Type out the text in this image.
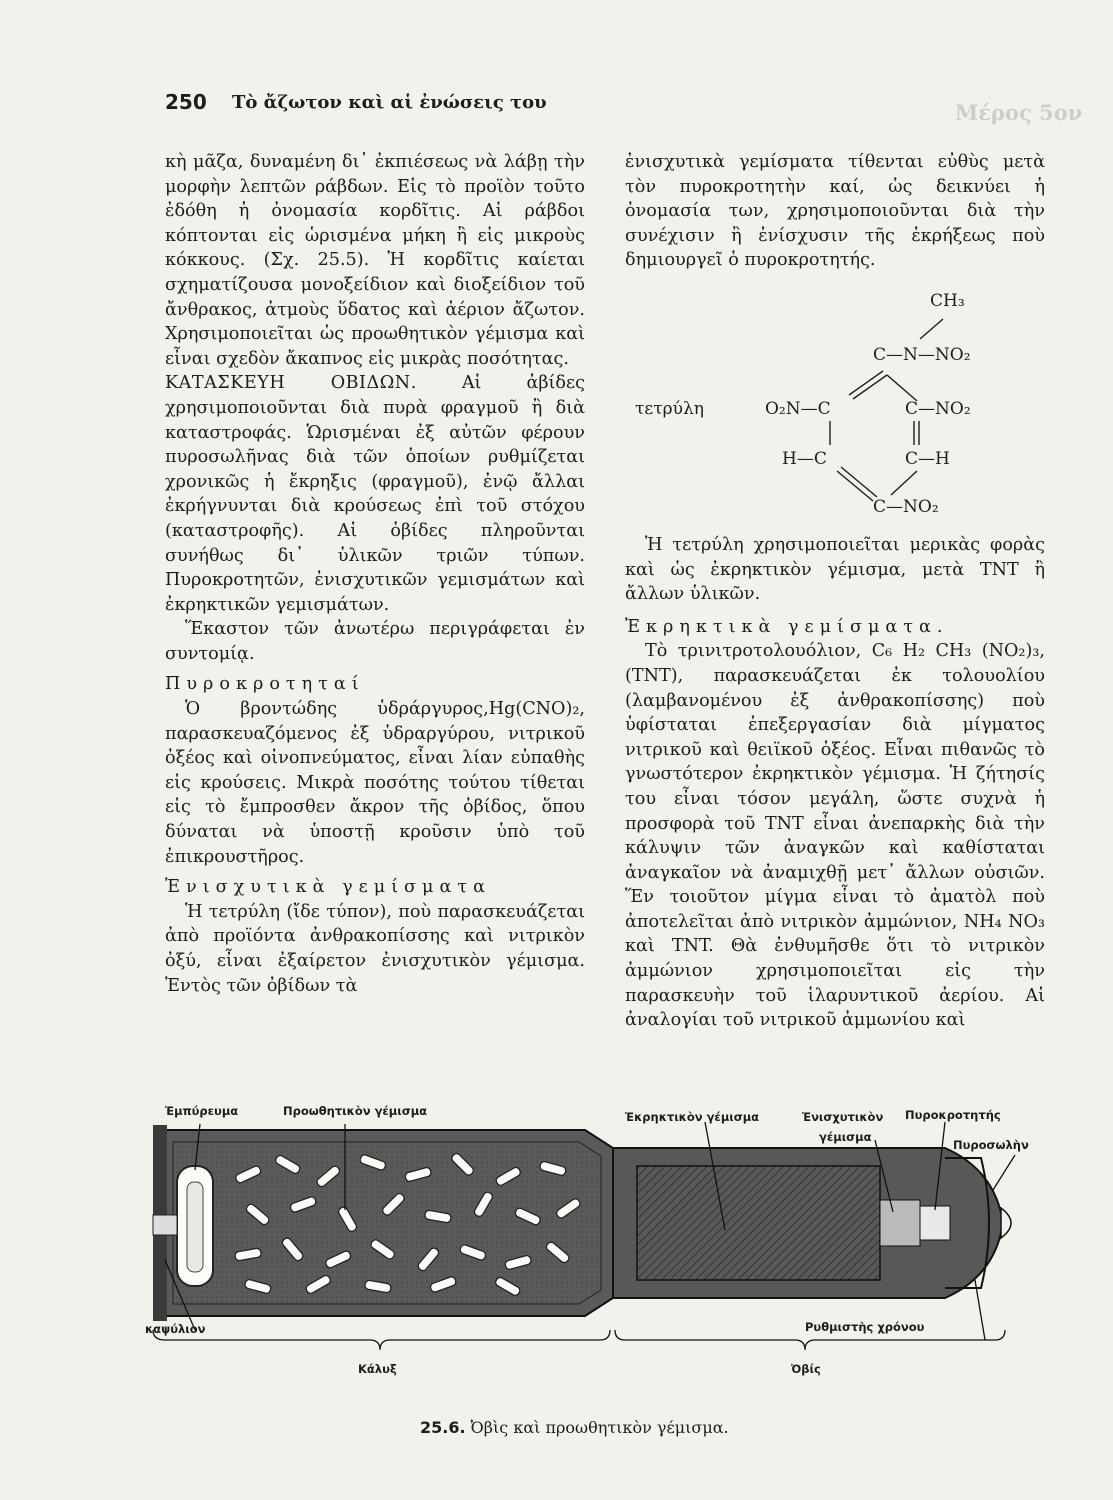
Μέρος 5ον
250 Τὸ ἄζωτον καὶ αἱ ἐνώσεις του

κὴ μᾶζα, δυναμένη δι᾽ ἐκπιέσεως νὰ λάβῃ τὴν μορφὴν λεπτῶν ράβδων. Εἰς τὸ προϊὸν τοῦτο ἐδόθη ἡ ὀνομασία κορδῖτις. Αἱ ράβδοι κόπτονται εἰς ὡρισμένα μήκη ἢ εἰς μικροὺς κόκκους. (Σχ. 25.5). Ἡ κορδῖτις καίεται σχηματίζουσα μονοξείδιον καὶ διοξείδιον τοῦ ἄνθρακος, ἀτμοὺς ὕδατος καὶ ἀέριον ἄζωτον. Χρησιμοποιεῖται ὡς προωθητικὸν γέμισμα καὶ εἶναι σχεδὸν ἄκαπνος εἰς μικρὰς ποσότητας.

ΚΑΤΑΣΚΕΥΗ ΟΒΙΔΩΝ. Αἱ ἀβίδες χρησιμοποιοῦνται διὰ πυρὰ φραγμοῦ ἢ διὰ καταστροφάς. Ὡρισμέναι ἐξ αὐτῶν φέρουν πυροσωλῆνας διὰ τῶν ὁποίων ρυθμίζεται χρονικῶς ἡ ἔκρηξις (φραγμοῦ), ἐνῷ ἄλλαι ἐκρήγνυνται διὰ κρούσεως ἐπὶ τοῦ στόχου (καταστροφῆς). Αἱ ὀβίδες πληροῦνται συνήθως δι᾽ ὑλικῶν τριῶν τύπων. Πυροκροτητῶν, ἐνισχυτικῶν γεμισμάτων καὶ ἐκρηκτικῶν γεμισμάτων.

Ἕκαστον τῶν ἀνωτέρω περιγράφεται ἐν συντομίᾳ.

Πυροκροτηταί

Ὁ βροντώδης ὑδράργυρος,Hg(CNO)₂, παρασκευαζόμενος ἐξ ὑδραργύρου, νιτρικοῦ ὀξέος καὶ οἰνοπνεύματος, εἶναι λίαν εὐπαθὴς εἰς κρούσεις. Μικρὰ ποσότης τούτου τίθεται εἰς τὸ ἔμπροσθεν ἄκρον τῆς ὀβίδος, ὅπου δύναται νὰ ὑποστῇ κροῦσιν ὑπὸ τοῦ ἐπικρουστῆρος.

Ἐνισχυτικὰ γεμίσματα

Ἡ τετρύλη (ἴδε τύπον), ποὺ παρασκευάζεται ἀπὸ προϊόντα ἀνθρακοπίσσης καὶ νιτρικὸν ὀξύ, εἶναι ἐξαίρετον ἐνισχυτικὸν γέμισμα. Ἐντὸς τῶν ὀβίδων τὰ

ἐνισχυτικὰ γεμίσματα τίθενται εὐθὺς μετὰ τὸν πυροκροτητὴν καί, ὡς δεικνύει ἡ ὀνομασία των, χρησιμοποιοῦνται διὰ τὴν συνέχισιν ἢ ἐνίσχυσιν τῆς ἐκρήξεως ποὺ δημιουργεῖ ὁ πυροκροτητής.

CH₃
C—N—NO₂
τετρύλη	O₂N—C	C—NO₂
H—C	C—H
C—NO₂

Ἡ τετρύλη χρησιμοποιεῖται μερικὰς φορὰς καὶ ὡς ἐκρηκτικὸν γέμισμα, μετὰ TNT ἢ ἄλλων ὑλικῶν.

Ἐκρηκτικὰ γεμίσματα.

Τὸ τρινιτροτολουόλιον, C₆ H₂ CH₃ (NO₂)₃, (TNT), παρασκευάζεται ἐκ τολουολίου (λαμβανομένου ἐξ ἀνθρακοπίσσης) ποὺ ὑφίσταται ἐπεξεργασίαν διὰ μίγματος νιτρικοῦ καὶ θειϊκοῦ ὀξέος. Εἶναι πιθανῶς τὸ γνωστότερον ἐκρηκτικὸν γέμισμα. Ἡ ζήτησίς του εἶναι τόσον μεγάλη, ὥστε συχνὰ ἡ προσφορὰ τοῦ TNT εἶναι ἀνεπαρκὴς διὰ τὴν κάλυψιν τῶν ἀναγκῶν καὶ καθίσταται ἀναγκαῖον νὰ ἀναμιχθῇ μετ᾽ ἄλλων οὐσιῶν. Ἕν τοιοῦτον μίγμα εἶναι τὸ ἀματὸλ ποὺ ἀποτελεῖται ἀπὸ νιτρικὸν ἀμμώνιον, NH₄ NO₃ καὶ TNT. Θὰ ἐνθυμῆσθε ὅτι τὸ νιτρικὸν ἀμμώνιον χρησιμοποιεῖται εἰς τὴν παρασκευὴν τοῦ ἱλαρυντικοῦ ἀερίου. Αἱ ἀναλογίαι τοῦ νιτρικοῦ ἀμμωνίου καὶ

Ἐμπύρευμα	Προωθητικὸν γέμισμα	Ἐκρηκτικὸν γέμισμα	Ἐνισχυτικὸν
γέμισμα
Πυροκροτητής
Πυροσωλὴν
καψύλιον	Ρυθμιστὴς χρόνου
Κάλυξ	Ὀβίς
25.6. Ὀβὶς καὶ προωθητικὸν γέμισμα.
